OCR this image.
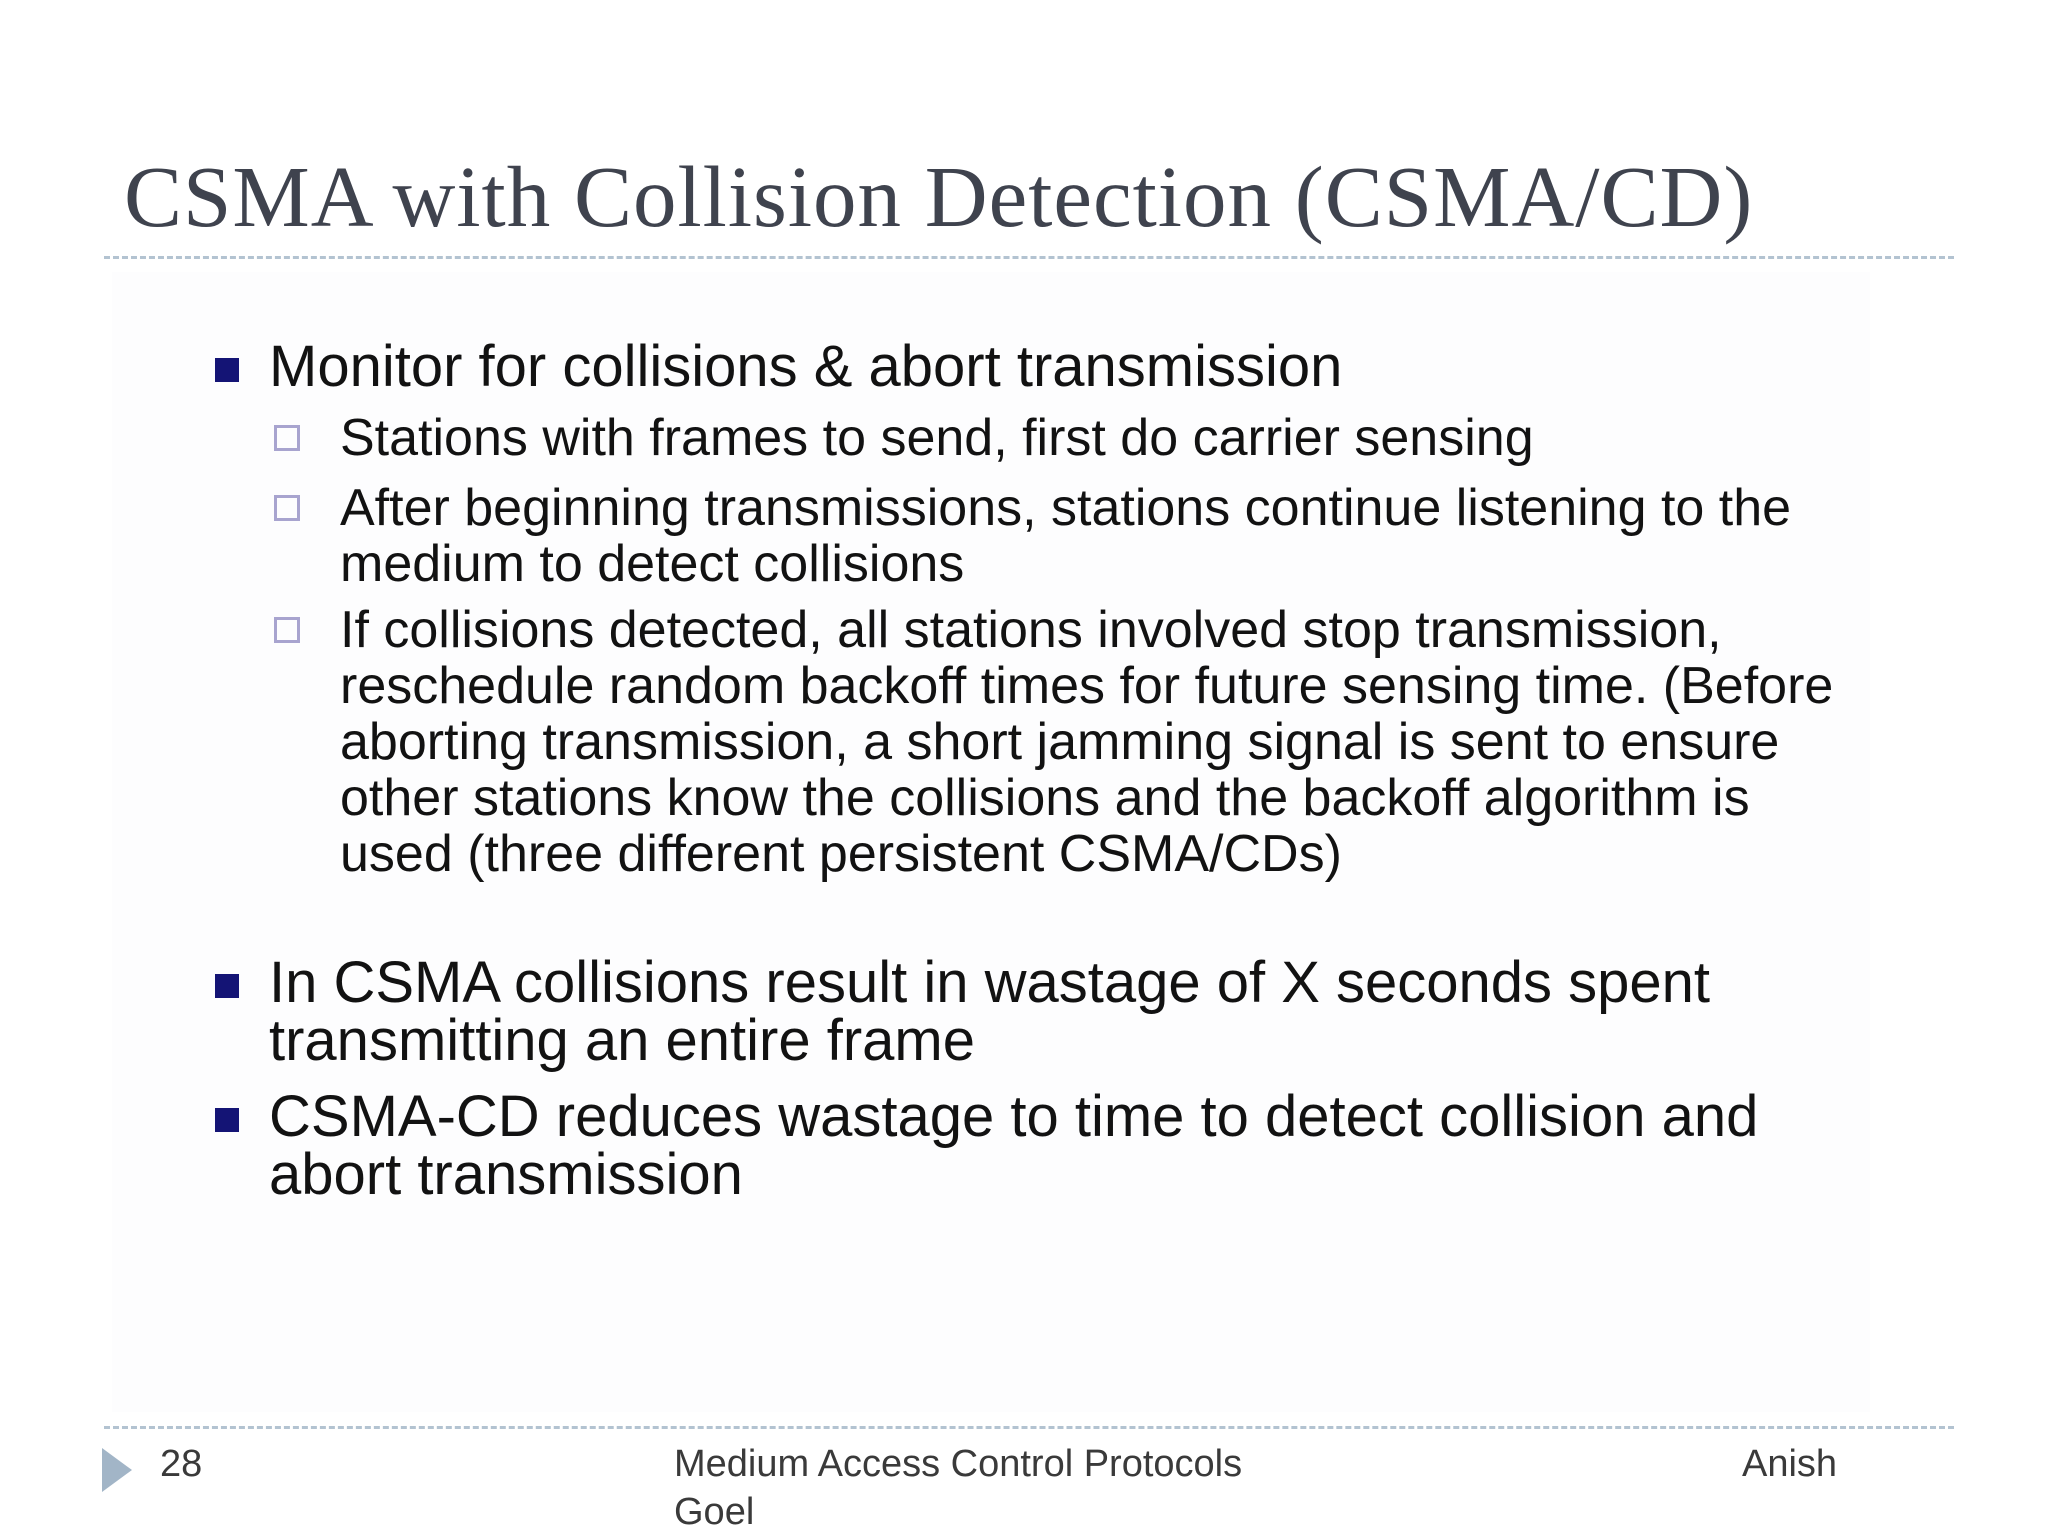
CSMA with Collision Detection (CSMA/CD)
Monitor for collisions & abort transmission
Stations with frames to send, first do carrier sensing
After beginning transmissions, stations continue listening to the medium to detect collisions
If collisions detected, all stations involved stop transmission, reschedule random backoff times for future sensing time. (Before aborting transmission, a short jamming signal is sent to ensure other stations know the collisions and the backoff algorithm is used (three different persistent CSMA/CDs)
In CSMA collisions result in wastage of X seconds spent transmitting an entire frame
CSMA-CD reduces wastage to time to detect collision and abort transmission
28	Medium Access Control Protocols Goel
Anish
